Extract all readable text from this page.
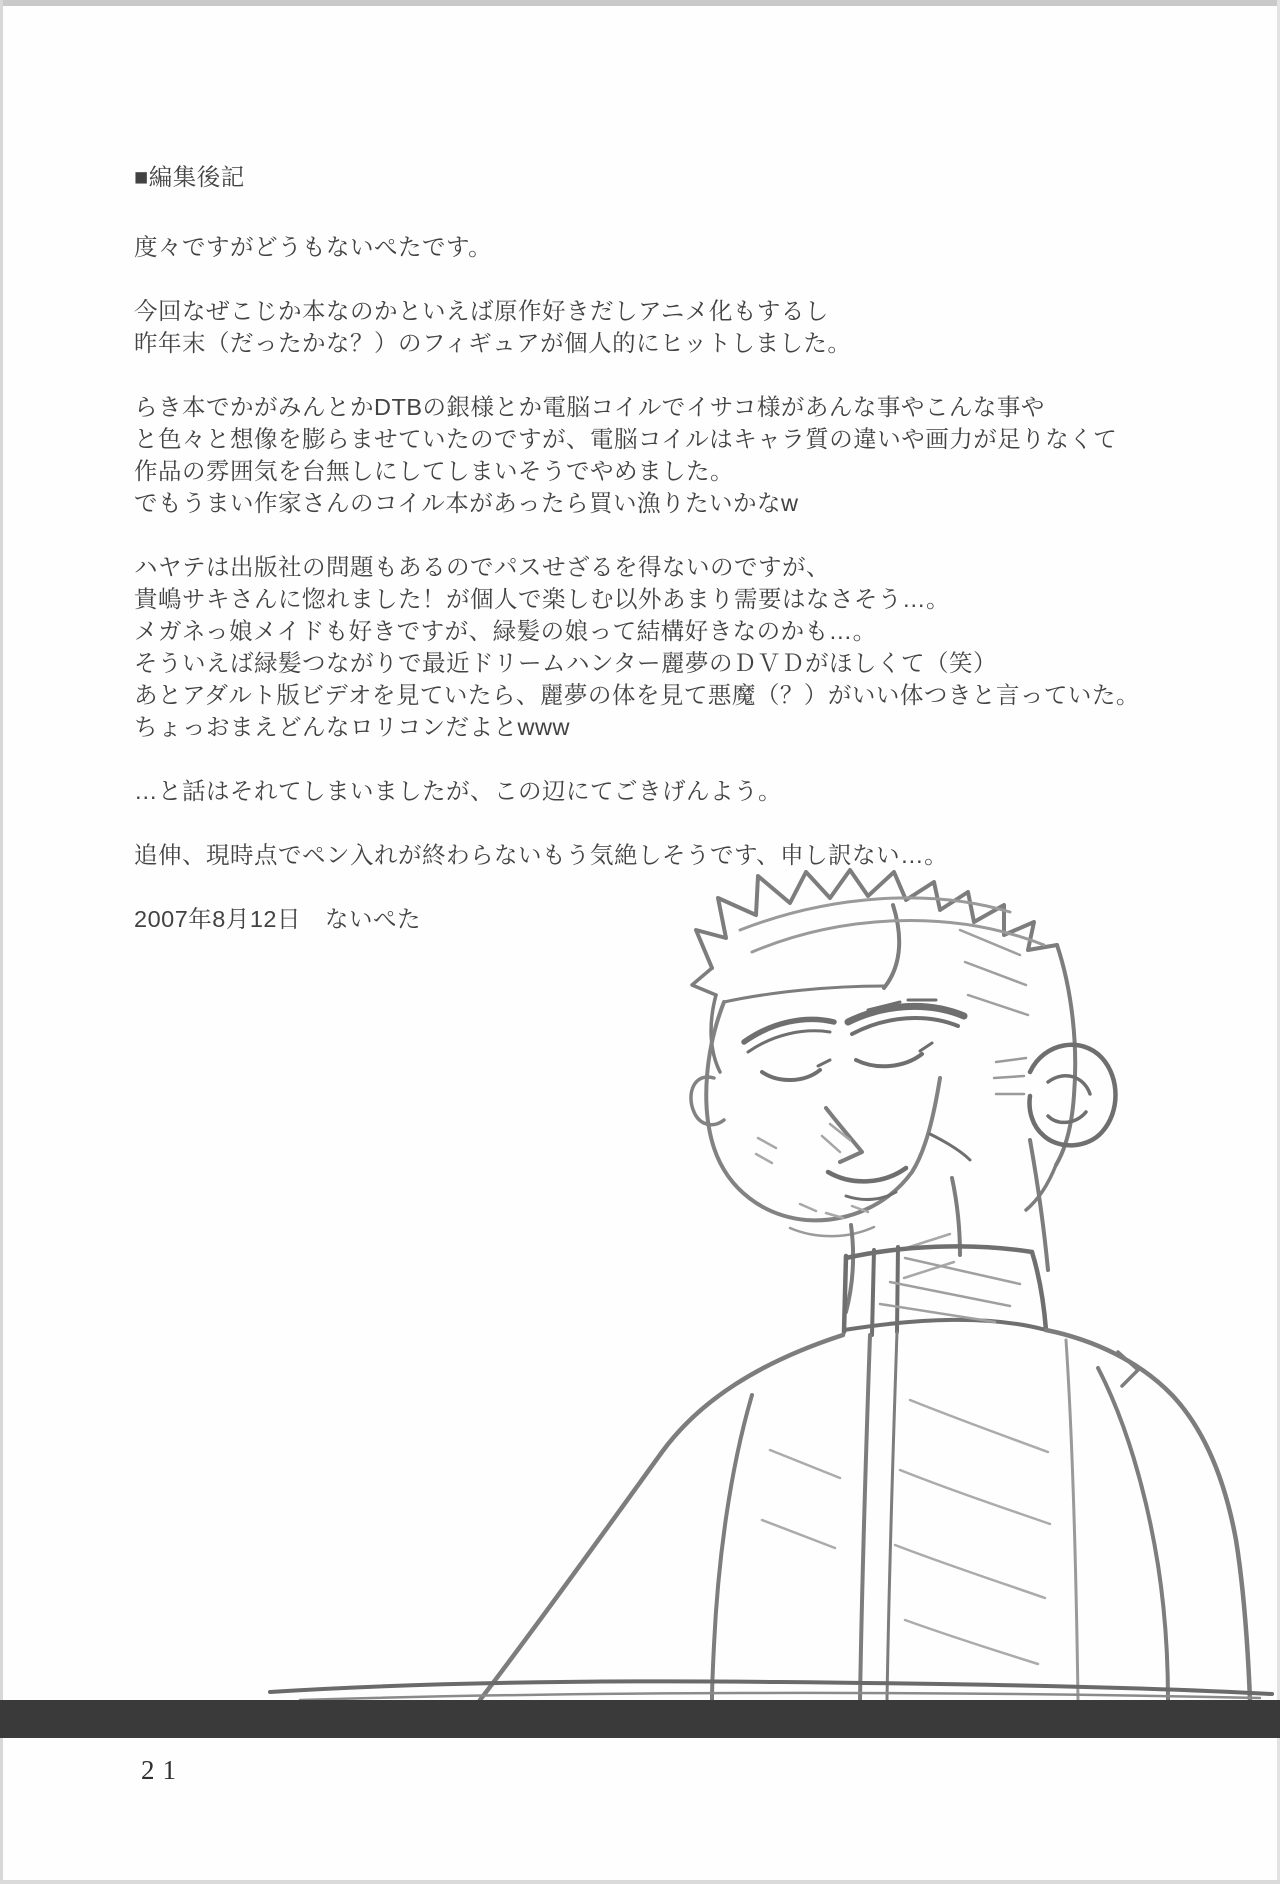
■編集後記
度々ですがどうもないぺたです。
今回なぜこじか本なのかといえば原作好きだしアニメ化もするし
昨年末（だったかな？）のフィギュアが個人的にヒットしました。
らき本でかがみんとかDTBの銀様とか電脳コイルでイサコ様があんな事やこんな事や
と色々と想像を膨らませていたのですが、電脳コイルはキャラ質の違いや画力が足りなくて
作品の雰囲気を台無しにしてしまいそうでやめました。
でもうまい作家さんのコイル本があったら買い漁りたいかなw
ハヤテは出版社の問題もあるのでパスせざるを得ないのですが、
貴嶋サキさんに惚れました！が個人で楽しむ以外あまり需要はなさそう…。
メガネっ娘メイドも好きですが、緑髪の娘って結構好きなのかも…。
そういえば緑髪つながりで最近ドリームハンター麗夢のＤＶＤがほしくて（笑）
あとアダルト版ビデオを見ていたら、麗夢の体を見て悪魔（？）がいい体つきと言っていた。
ちょっおまえどんなロリコンだよとwww
…と話はそれてしまいましたが、この辺にてごきげんよう。
追伸、現時点でペン入れが終わらないもう気絶しそうです、申し訳ない…。
2007年8月12日　ないぺた
21
